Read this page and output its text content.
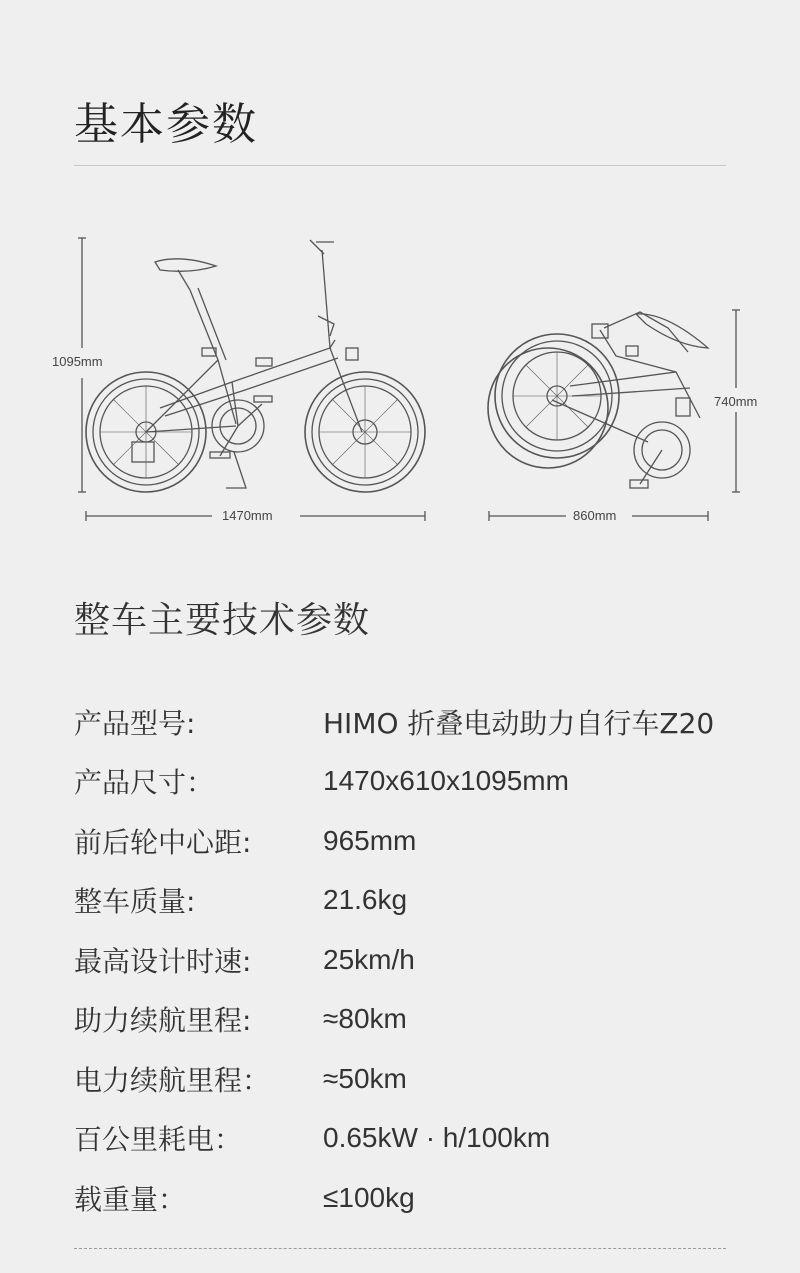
基本参数
1095mm
1470mm
740mm
860mm
整车主要技术参数
产品型号:	HIMO 折叠电动助力自行车Z20
产品尺寸：	1470x610x1095mm
前后轮中心距:	965mm
整车质量:	21.6kg
最高设计时速:	25km/h
助力续航里程:	≈80km
电力续航里程：	≈50km
百公里耗电：	0.65kW · h/100km
载重量：	≤100kg
